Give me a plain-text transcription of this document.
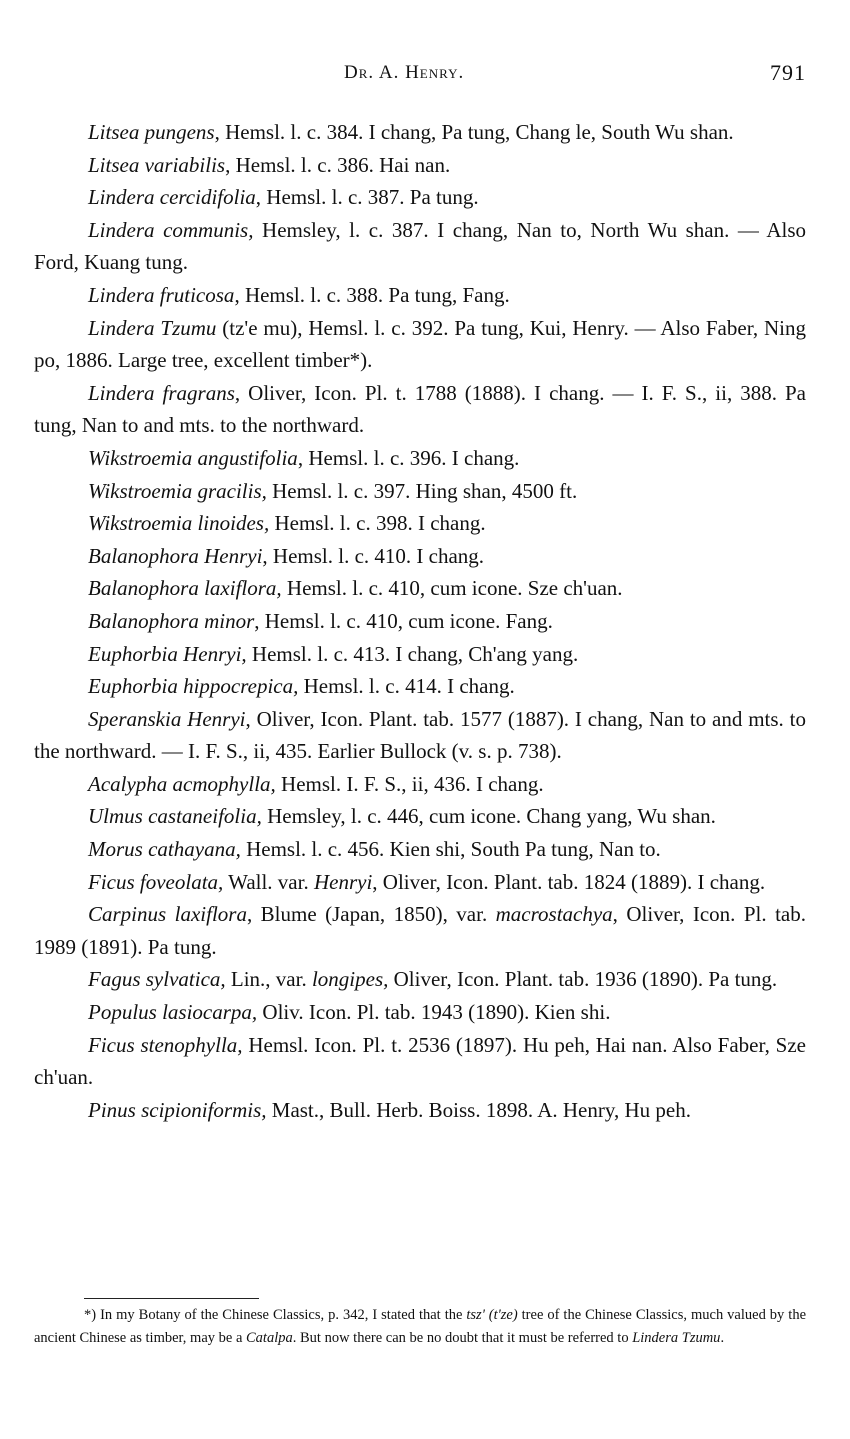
Dr. A. Henry.	791

Litsea pungens, Hemsl. l. c. 384. I chang, Pa tung, Chang le, South Wu shan.

Litsea variabilis, Hemsl. l. c. 386. Hai nan.

Lindera cercidifolia, Hemsl. l. c. 387. Pa tung.

Lindera communis, Hemsley, l. c. 387. I chang, Nan to, North Wu shan. — Also Ford, Kuang tung.

Lindera fruticosa, Hemsl. l. c. 388. Pa tung, Fang.

Lindera Tzumu (tz'e mu), Hemsl. l. c. 392. Pa tung, Kui, Henry. — Also Faber, Ning po, 1886. Large tree, excellent timber*).

Lindera fragrans, Oliver, Icon. Pl. t. 1788 (1888). I chang. — I. F. S., ii, 388. Pa tung, Nan to and mts. to the northward.

Wikstroemia angustifolia, Hemsl. l. c. 396. I chang.

Wikstroemia gracilis, Hemsl. l. c. 397. Hing shan, 4500 ft.

Wikstroemia linoides, Hemsl. l. c. 398. I chang.

Balanophora Henryi, Hemsl. l. c. 410. I chang.

Balanophora laxiflora, Hemsl. l. c. 410, cum icone. Sze ch'uan.

Balanophora minor, Hemsl. l. c. 410, cum icone. Fang.

Euphorbia Henryi, Hemsl. l. c. 413. I chang, Ch'ang yang.

Euphorbia hippocrepica, Hemsl. l. c. 414. I chang.

Speranskia Henryi, Oliver, Icon. Plant. tab. 1577 (1887). I chang, Nan to and mts. to the northward. — I. F. S., ii, 435. Earlier Bullock (v. s. p. 738).

Acalypha acmophylla, Hemsl. I. F. S., ii, 436. I chang.

Ulmus castaneifolia, Hemsley, l. c. 446, cum icone. Chang yang, Wu shan.

Morus cathayana, Hemsl. l. c. 456. Kien shi, South Pa tung, Nan to.

Ficus foveolata, Wall. var. Henryi, Oliver, Icon. Plant. tab. 1824 (1889). I chang.

Carpinus laxiflora, Blume (Japan, 1850), var. macrostachya, Oliver, Icon. Pl. tab. 1989 (1891). Pa tung.

Fagus sylvatica, Lin., var. longipes, Oliver, Icon. Plant. tab. 1936 (1890). Pa tung.

Populus lasiocarpa, Oliv. Icon. Pl. tab. 1943 (1890). Kien shi.

Ficus stenophylla, Hemsl. Icon. Pl. t. 2536 (1897). Hu peh, Hai nan. Also Faber, Sze ch'uan.

Pinus scipioniformis, Mast., Bull. Herb. Boiss. 1898. A. Henry, Hu peh.

*) In my Botany of the Chinese Classics, p. 342, I stated that the tsz' (t'ze) tree of the Chinese Classics, much valued by the ancient Chinese as timber, may be a Catalpa. But now there can be no doubt that it must be referred to Lindera Tzumu.
